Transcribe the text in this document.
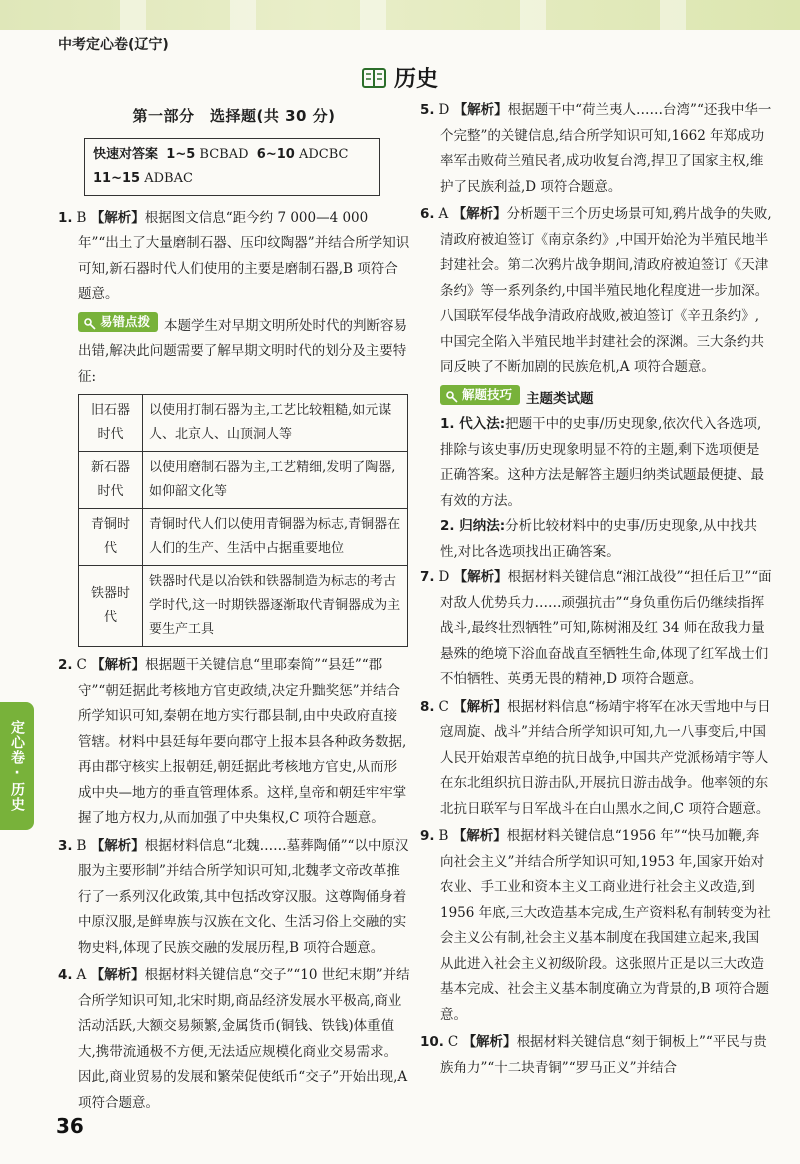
中考定心卷(辽宁)
历史
定心卷·历史
第一部分　选择题(共 30 分)
快速对答案 1~5 BCBAD 6~10 ADCBC
11~15 ADBAC
1. B 【解析】根据图文信息“距今约 7 000—4 000 年”“出土了大量磨制石器、压印纹陶器”并结合所学知识可知,新石器时代人们使用的主要是磨制石器,B 项符合题意。
易错点拨 本题学生对早期文明所处时代的判断容易出错,解决此问题需要了解早期文明时代的划分及主要特征:
旧石器时代	以使用打制石器为主,工艺比较粗糙,如元谋人、北京人、山顶洞人等
新石器时代	以使用磨制石器为主,工艺精细,发明了陶器,如仰韶文化等
青铜时代	青铜时代人们以使用青铜器为标志,青铜器在人们的生产、生活中占据重要地位
铁器时代	铁器时代是以冶铁和铁器制造为标志的考古学时代,这一时期铁器逐渐取代青铜器成为主要生产工具
2. C 【解析】根据题干关键信息“里耶秦简”“县廷”“郡守”“朝廷据此考核地方官吏政绩,决定升黜奖惩”并结合所学知识可知,秦朝在地方实行郡县制,由中央政府直接管辖。材料中县廷每年要向郡守上报本县各种政务数据,再由郡守核实上报朝廷,朝廷据此考核地方官史,从而形成中央—地方的垂直管理体系。这样,皇帝和朝廷牢牢掌握了地方权力,从而加强了中央集权,C 项符合题意。
3. B 【解析】根据材料信息“北魏……墓葬陶俑”“以中原汉服为主要形制”并结合所学知识可知,北魏孝文帝改革推行了一系列汉化政策,其中包括改穿汉服。这尊陶俑身着中原汉服,是鲜卑族与汉族在文化、生活习俗上交融的实物史料,体现了民族交融的发展历程,B 项符合题意。
4. A 【解析】根据材料关键信息“交子”“10 世纪末期”并结合所学知识可知,北宋时期,商品经济发展水平极高,商业活动活跃,大额交易频繁,金属货币(铜钱、铁钱)体重值大,携带流通极不方便,无法适应规模化商业交易需求。因此,商业贸易的发展和繁荣促使纸币“交子”开始出现,A 项符合题意。
5. D 【解析】根据题干中“荷兰夷人……台湾”“还我中华一个完整”的关键信息,结合所学知识可知,1662 年郑成功率军击败荷兰殖民者,成功收复台湾,捍卫了国家主权,维护了民族利益,D 项符合题意。
6. A 【解析】分析题干三个历史场景可知,鸦片战争的失败,清政府被迫签订《南京条约》,中国开始沦为半殖民地半封建社会。第二次鸦片战争期间,清政府被迫签订《天津条约》等一系列条约,中国半殖民地化程度进一步加深。八国联军侵华战争清政府战败,被迫签订《辛丑条约》,中国完全陷入半殖民地半封建社会的深渊。三大条约共同反映了不断加剧的民族危机,A 项符合题意。
解题技巧 主题类试题
1. 代入法:把题干中的史事/历史现象,依次代入各选项,排除与该史事/历史现象明显不符的主题,剩下选项便是正确答案。这种方法是解答主题归纳类试题最便捷、最有效的方法。
2. 归纳法:分析比较材料中的史事/历史现象,从中找共性,对比各选项找出正确答案。
7. D 【解析】根据材料关键信息“湘江战役”“担任后卫”“面对敌人优势兵力……顽强抗击”“身负重伤后仍继续指挥战斗,最终壮烈牺牲”可知,陈树湘及红 34 师在敌我力量悬殊的绝境下浴血奋战直至牺牲生命,体现了红军战士们不怕牺牲、英勇无畏的精神,D 项符合题意。
8. C 【解析】根据材料信息“杨靖宇将军在冰天雪地中与日寇周旋、战斗”并结合所学知识可知,九一八事变后,中国人民开始艰苦卓绝的抗日战争,中国共产党派杨靖宇等人在东北组织抗日游击队,开展抗日游击战争。他率领的东北抗日联军与日军战斗在白山黑水之间,C 项符合题意。
9. B 【解析】根据材料关键信息“1956 年”“快马加鞭,奔向社会主义”并结合所学知识可知,1953 年,国家开始对农业、手工业和资本主义工商业进行社会主义改造,到 1956 年底,三大改造基本完成,生产资料私有制转变为社会主义公有制,社会主义基本制度在我国建立起来,我国从此进入社会主义初级阶段。这张照片正是以三大改造基本完成、社会主义基本制度确立为背景的,B 项符合题意。
10. C 【解析】根据材料关键信息“刻于铜板上”“平民与贵族角力”“十二块青铜”“罗马正义”并结合
36
